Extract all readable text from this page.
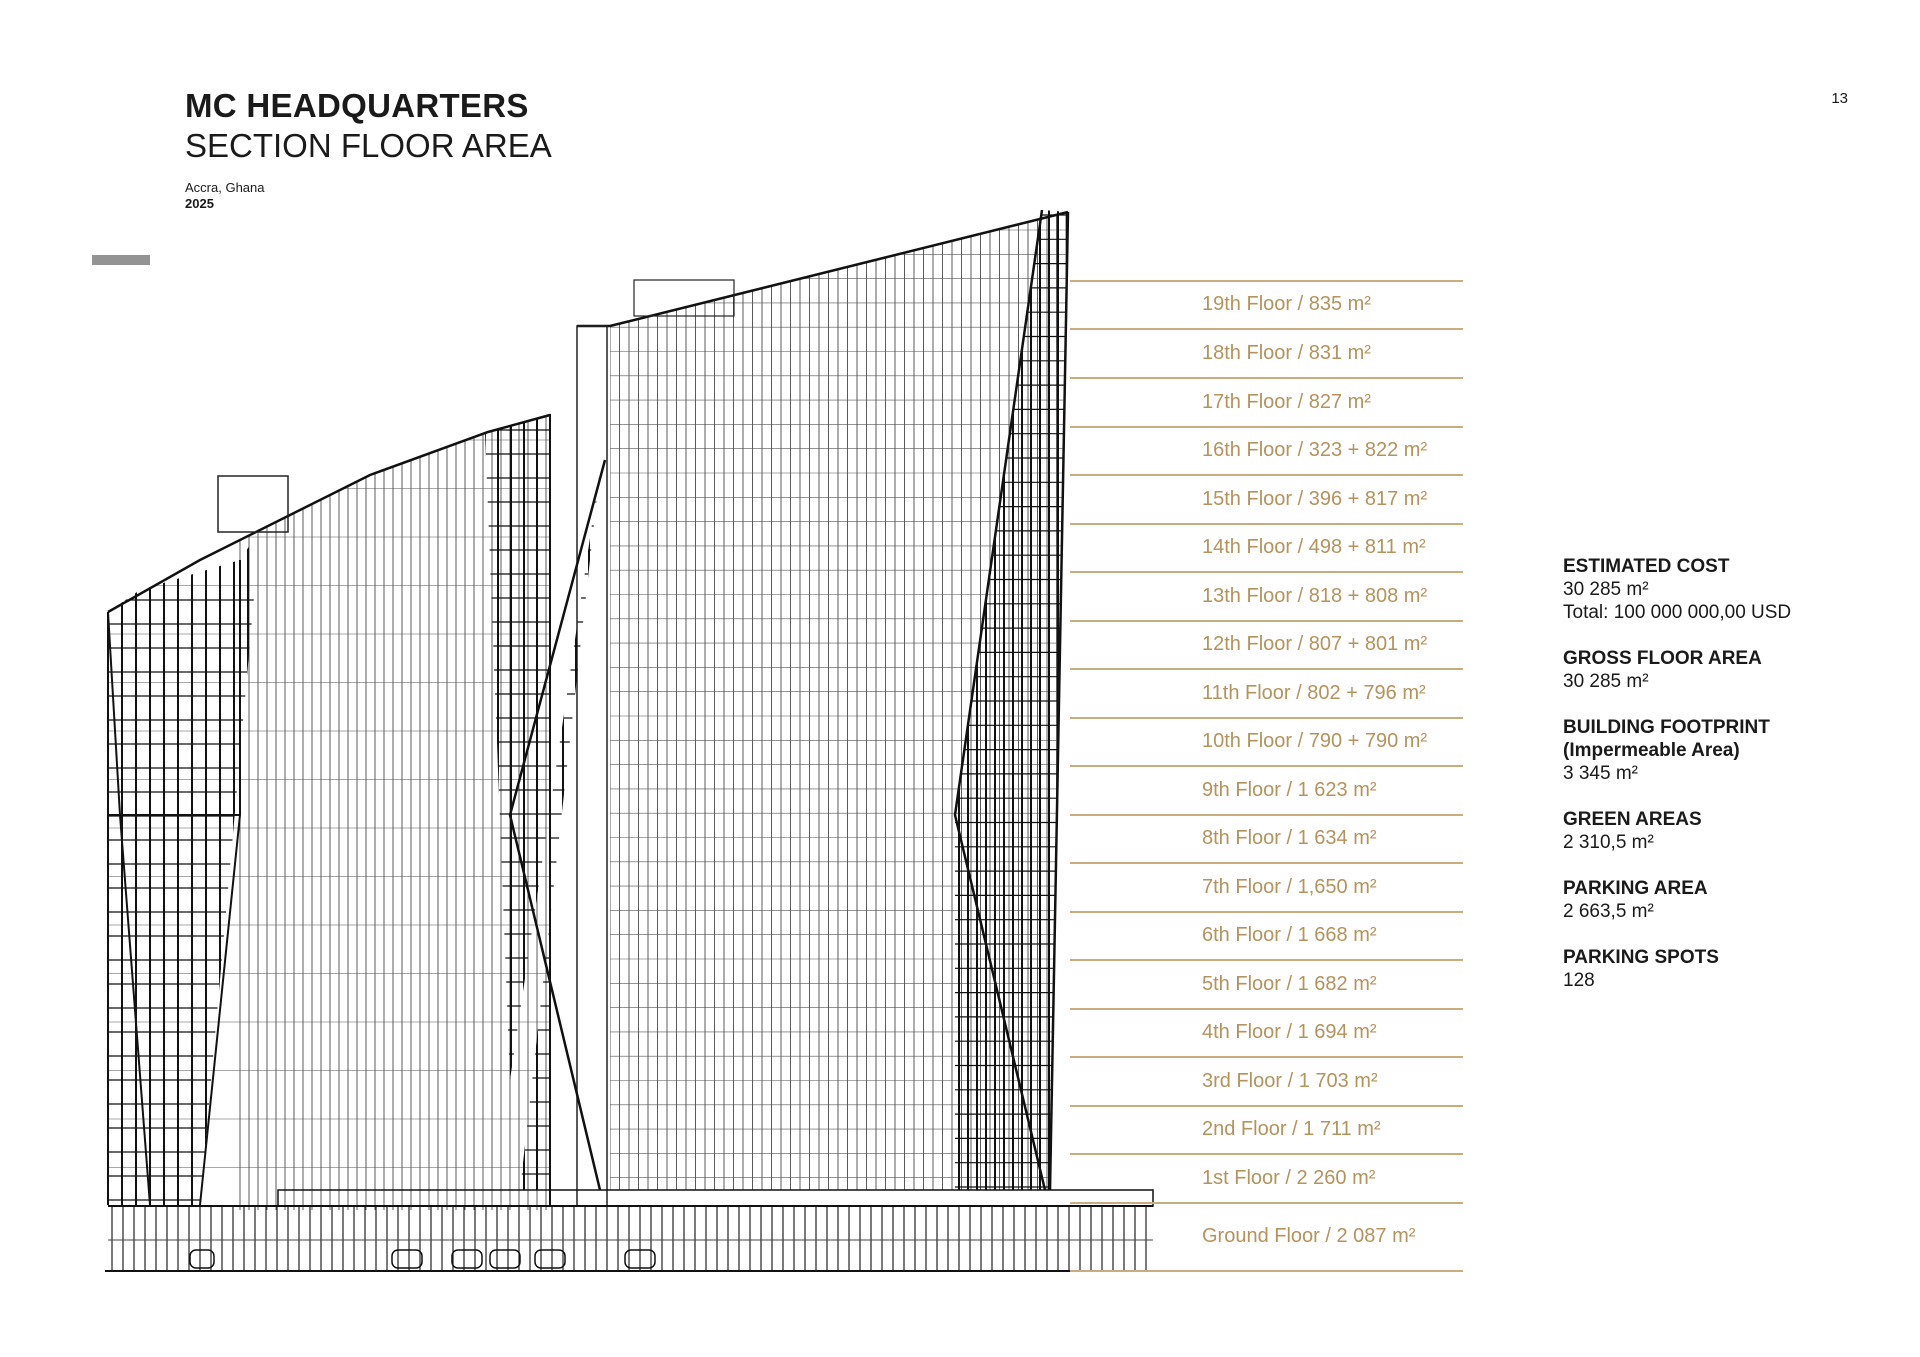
MC HEADQUARTERS
SECTION FLOOR AREA
Accra, Ghana
2025
13
19th Floor / 835 m²
18th Floor / 831 m²
17th Floor / 827 m²
16th Floor / 323 + 822 m²
15th Floor / 396 + 817 m²
14th Floor / 498 + 811 m²
13th Floor / 818 + 808 m²
12th Floor / 807 + 801 m²
11th Floor / 802 + 796 m²
10th Floor / 790 + 790 m²
9th Floor / 1 623 m²
8th Floor / 1 634 m²
7th Floor / 1,650 m²
6th Floor / 1 668 m²
5th Floor / 1 682 m²
4th Floor / 1 694 m²
3rd Floor / 1 703 m²
2nd Floor / 1 711 m²
1st Floor / 2 260 m²
Ground Floor / 2 087 m²
ESTIMATED COST
30 285 m²
Total: 100 000 000,00 USD
GROSS FLOOR AREA
30 285 m²
BUILDING FOOTPRINT
(Impermeable Area)
3 345 m²
GREEN AREAS
2 310,5 m²
PARKING AREA
2 663,5 m²
PARKING SPOTS
128
